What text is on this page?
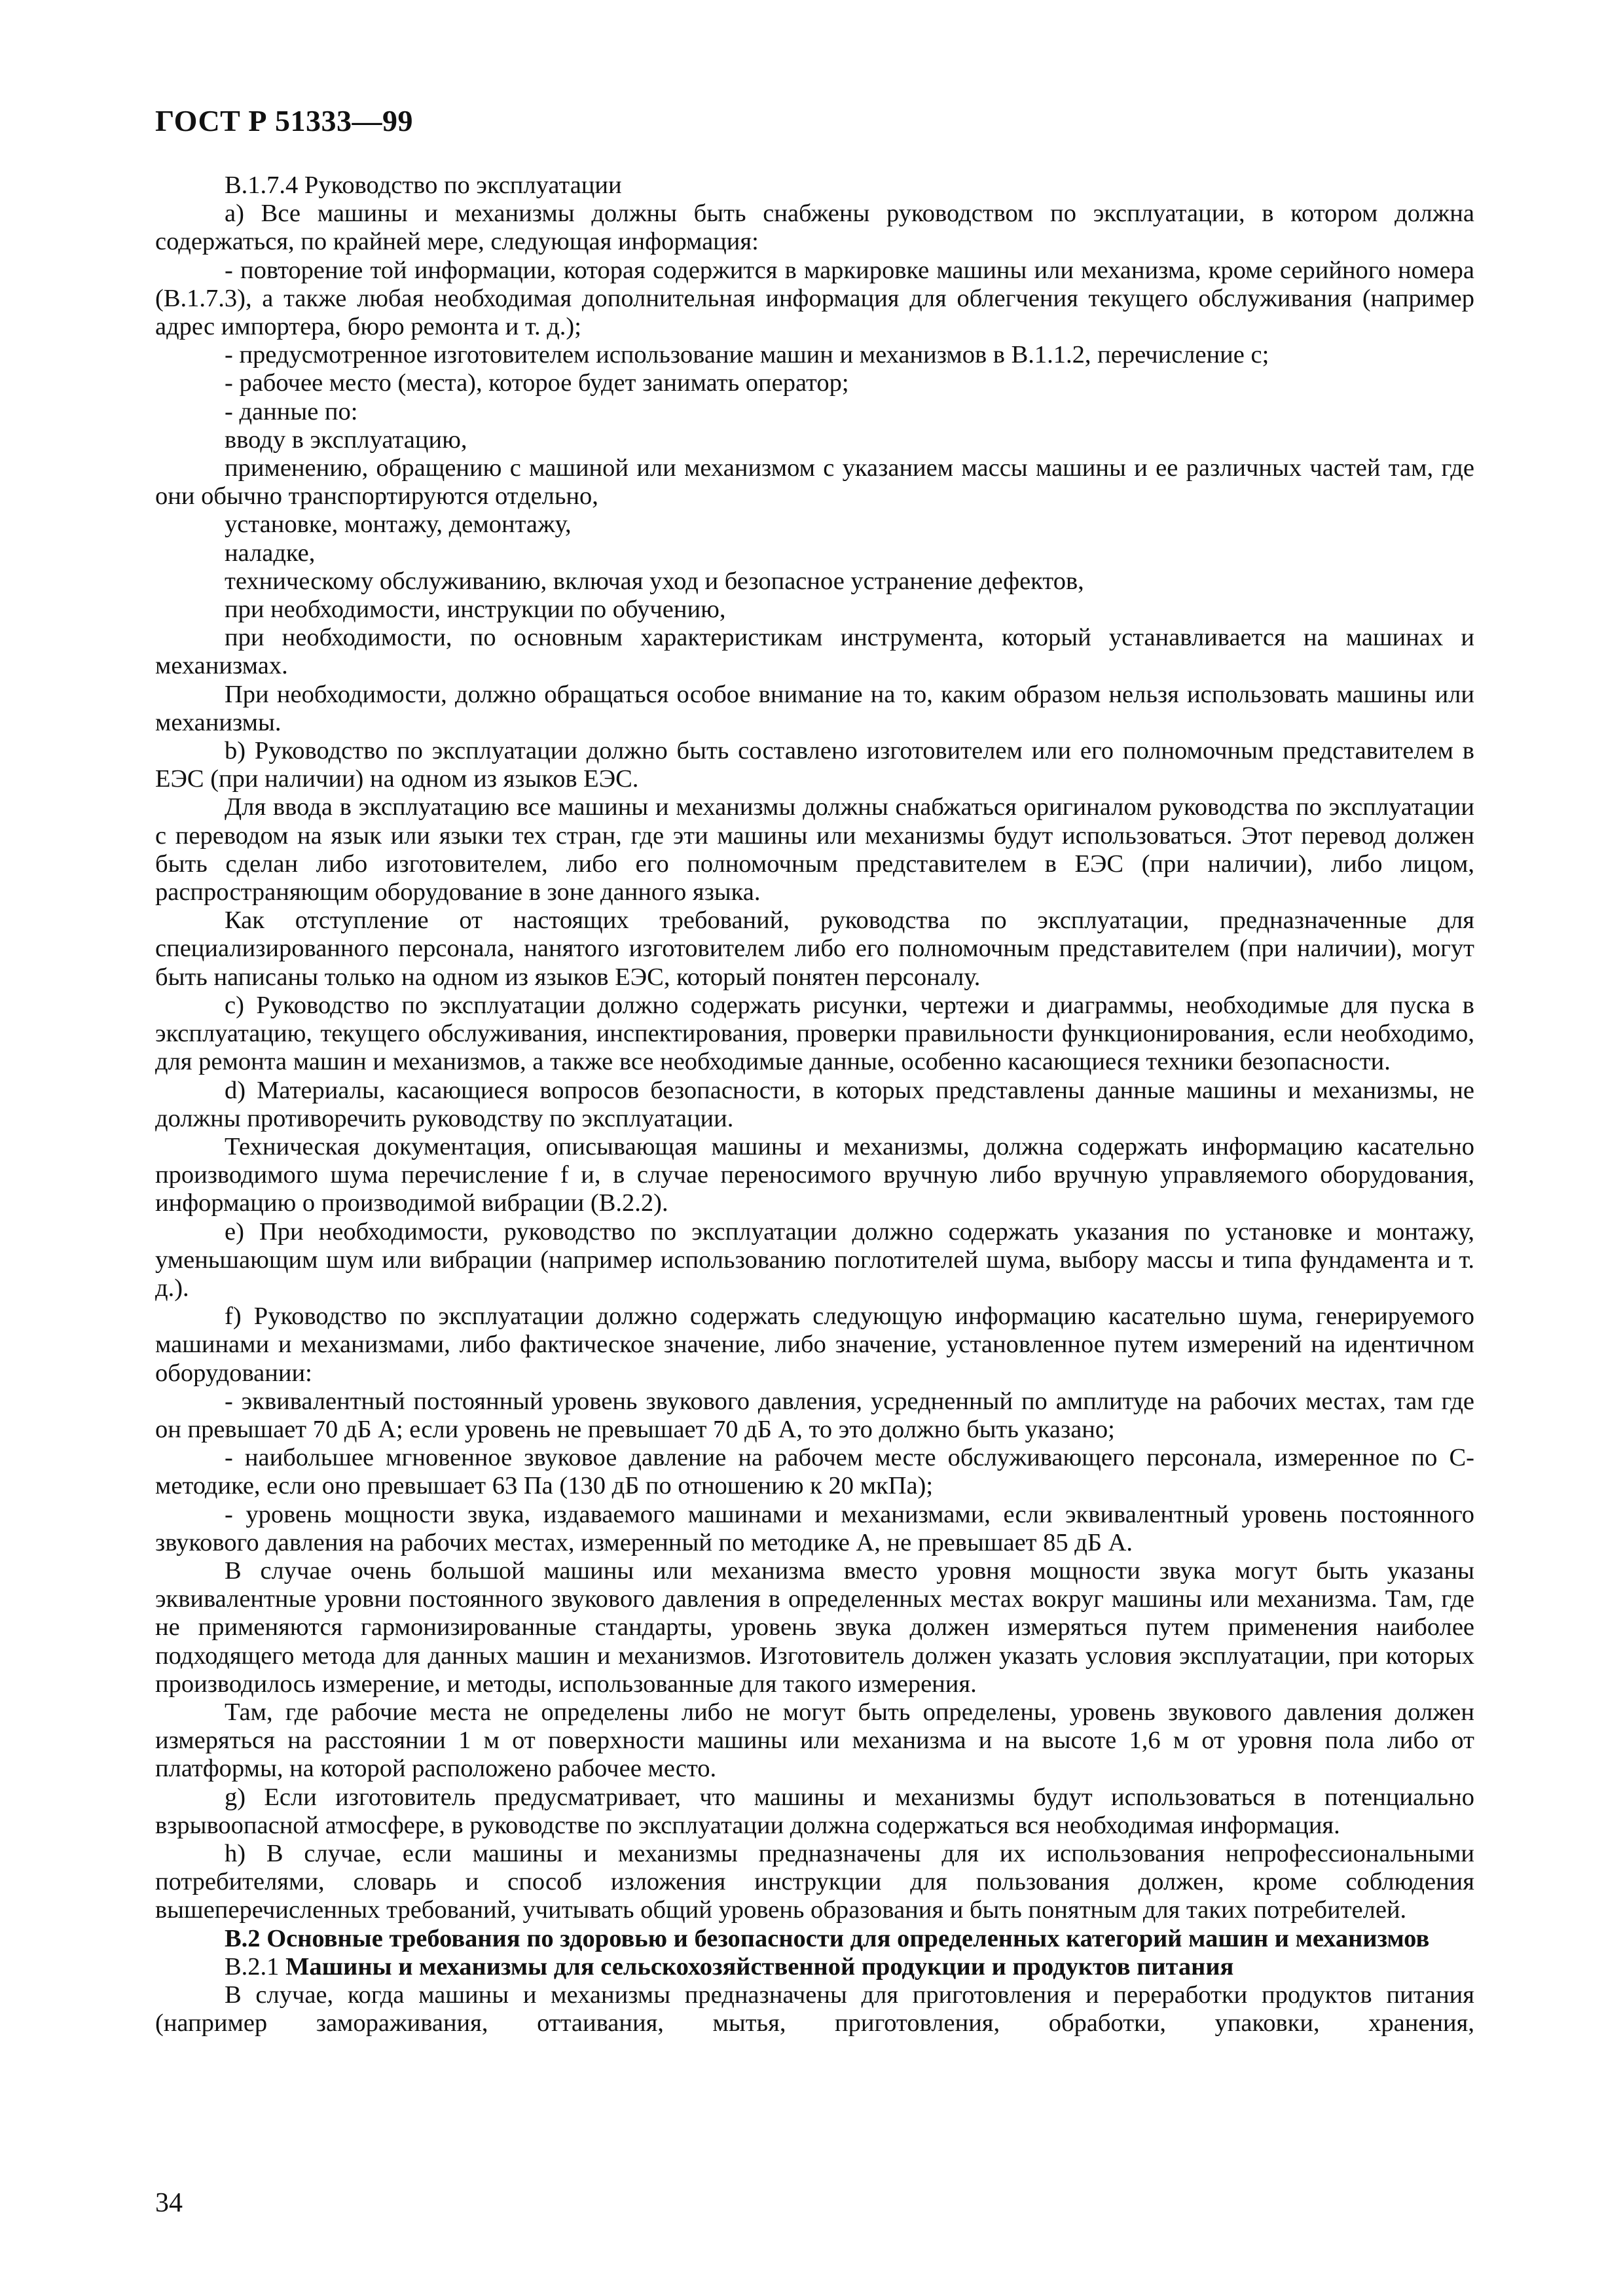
ГОСТ Р 51333—99

В.1.7.4 Руководство по эксплуатации

а) Все машины и механизмы должны быть снабжены руководством по эксплуатации, в котором должна содержаться, по крайней мере, следующая информация:

- повторение той информации, которая содержится в маркировке машины или механизма, кроме серийного номера (В.1.7.3), а также любая необходимая дополнительная информация для облегчения текущего обслуживания (например адрес импортера, бюро ремонта и т. д.);

- предусмотренное изготовителем использование машин и механизмов в В.1.1.2, перечисление с;

- рабочее место (места), которое будет занимать оператор;

- данные по:

вводу в эксплуатацию,

применению, обращению с машиной или механизмом с указанием массы машины и ее различных частей там, где они обычно транспортируются отдельно,

установке, монтажу, демонтажу,

наладке,

техническому обслуживанию, включая уход и безопасное устранение дефектов,

при необходимости, инструкции по обучению,

при необходимости, по основным характеристикам инструмента, который устанавливается на машинах и механизмах.

При необходимости, должно обращаться особое внимание на то, каким образом нельзя использовать машины или механизмы.

b) Руководство по эксплуатации должно быть составлено изготовителем или его полномочным представителем в ЕЭС (при наличии) на одном из языков ЕЭС.

Для ввода в эксплуатацию все машины и механизмы должны снабжаться оригиналом руководства по эксплуатации с переводом на язык или языки тех стран, где эти машины или механизмы будут использоваться. Этот перевод должен быть сделан либо изготовителем, либо его полномочным представителем в ЕЭС (при наличии), либо лицом, распространяющим оборудование в зоне данного языка.

Как отступление от настоящих требований, руководства по эксплуатации, предназначенные для специализированного персонала, нанятого изготовителем либо его полномочным представителем (при наличии), могут быть написаны только на одном из языков ЕЭС, который понятен персоналу.

c) Руководство по эксплуатации должно содержать рисунки, чертежи и диаграммы, необходимые для пуска в эксплуатацию, текущего обслуживания, инспектирования, проверки правильности функционирования, если необходимо, для ремонта машин и механизмов, а также все необходимые данные, особенно касающиеся техники безопасности.

d) Материалы, касающиеся вопросов безопасности, в которых представлены данные машины и механизмы, не должны противоречить руководству по эксплуатации.

Техническая документация, описывающая машины и механизмы, должна содержать информацию касательно производимого шума перечисление f и, в случае переносимого вручную либо вручную управляемого оборудования, информацию о производимой вибрации (В.2.2).

е) При необходимости, руководство по эксплуатации должно содержать указания по установке и монтажу, уменьшающим шум или вибрации (например использованию поглотителей шума, выбору массы и типа фундамента и т. д.).

f) Руководство по эксплуатации должно содержать следующую информацию касательно шума, генерируемого машинами и механизмами, либо фактическое значение, либо значение, установленное путем измерений на идентичном оборудовании:

- эквивалентный постоянный уровень звукового давления, усредненный по амплитуде на рабочих местах, там где он превышает 70 дБ А; если уровень не превышает 70 дБ А, то это должно быть указано;

- наибольшее мгновенное звуковое давление на рабочем месте обслуживающего персонала, измеренное по С-методике, если оно превышает 63 Па (130 дБ по отношению к 20 мкПа);

- уровень мощности звука, издаваемого машинами и механизмами, если эквивалентный уровень постоянного звукового давления на рабочих местах, измеренный по методике А, не превышает 85 дБ А.

В случае очень большой машины или механизма вместо уровня мощности звука могут быть указаны эквивалентные уровни постоянного звукового давления в определенных местах вокруг машины или механизма. Там, где не применяются гармонизированные стандарты, уровень звука должен измеряться путем применения наиболее подходящего метода для данных машин и механизмов. Изготовитель должен указать условия эксплуатации, при которых производилось измерение, и методы, использованные для такого измерения.

Там, где рабочие места не определены либо не могут быть определены, уровень звукового давления должен измеряться на расстоянии 1 м от поверхности машины или механизма и на высоте 1,6 м от уровня пола либо от платформы, на которой расположено рабочее место.

g) Если изготовитель предусматривает, что машины и механизмы будут использоваться в потенциально взрывоопасной атмосфере, в руководстве по эксплуатации должна содержаться вся необходимая информация.

h) В случае, если машины и механизмы предназначены для их использования непрофессиональными потребителями, словарь и способ изложения инструкции для пользования должен, кроме соблюдения вышеперечисленных требований, учитывать общий уровень образования и быть понятным для таких потребителей.

В.2 Основные требования по здоровью и безопасности для определенных категорий машин и механизмов

В.2.1 Машины и механизмы для сельскохозяйственной продукции и продуктов питания

В случае, когда машины и механизмы предназначены для приготовления и переработки продуктов питания (например замораживания, оттаивания, мытья, приготовления, обработки, упаковки, хранения,

34
